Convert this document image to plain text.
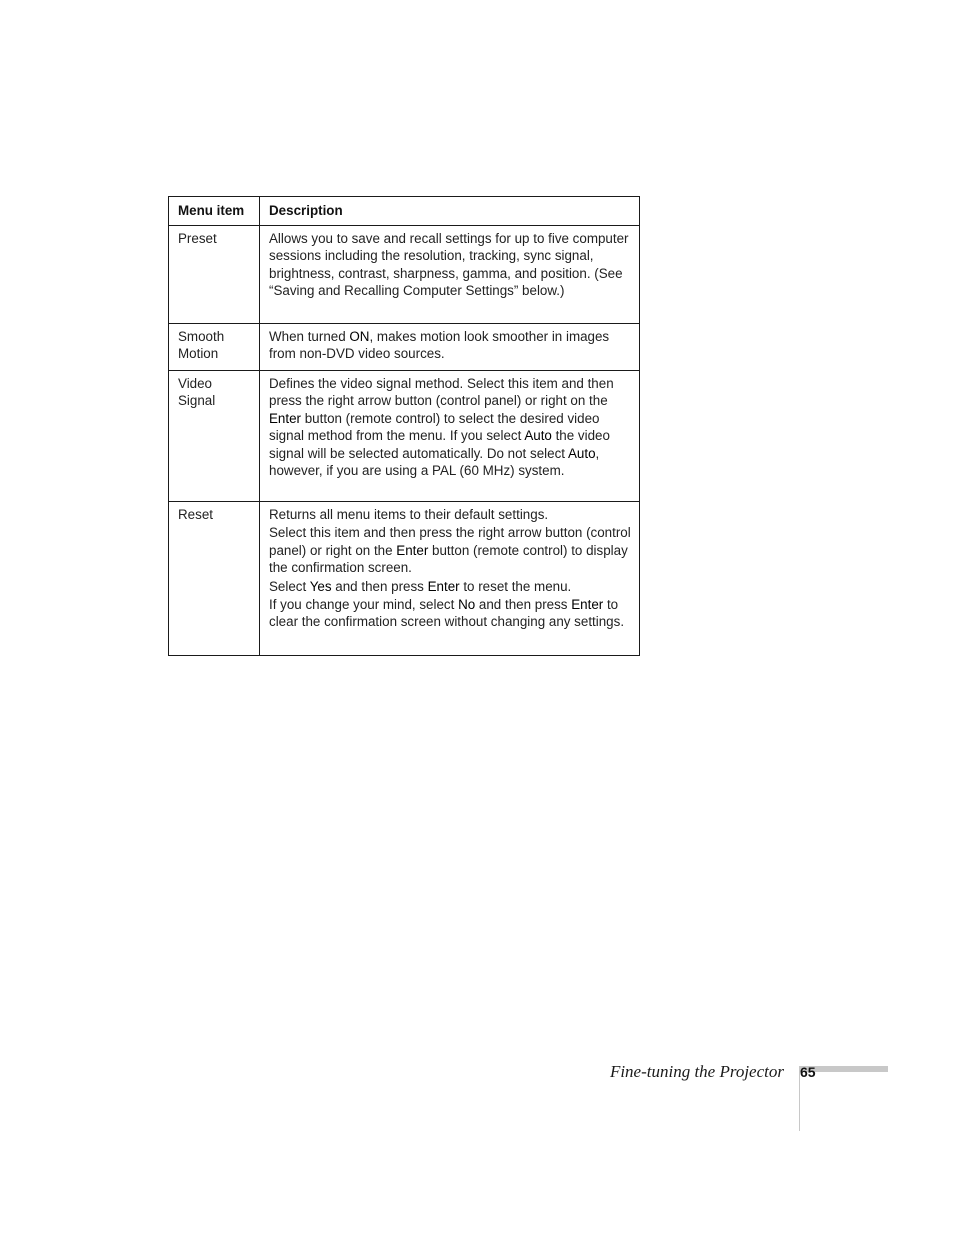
Menu item	Description
Preset	Allows you to save and recall settings for up to five computer sessions including the resolution, tracking, sync signal, brightness, contrast, sharpness, gamma, and position. (See “Saving and Recalling Computer Settings” below.)
Smooth Motion	When turned ON, makes motion look smoother in images from non-DVD video sources.
Video Signal	Defines the video signal method. Select this item and then press the right arrow button (control panel) or right on the Enter button (remote control) to select the desired video signal method from the menu. If you select Auto the video signal will be selected automatically. Do not select Auto, however, if you are using a PAL (60 MHz) system.
Reset	Returns all menu items to their default settings.
Select this item and then press the right arrow button (control panel) or right on the Enter button (remote control) to display the confirmation screen.
Select Yes and then press Enter to reset the menu.
If you change your mind, select No and then press Enter to clear the confirmation screen without changing any settings.
Fine-tuning the Projector 65
